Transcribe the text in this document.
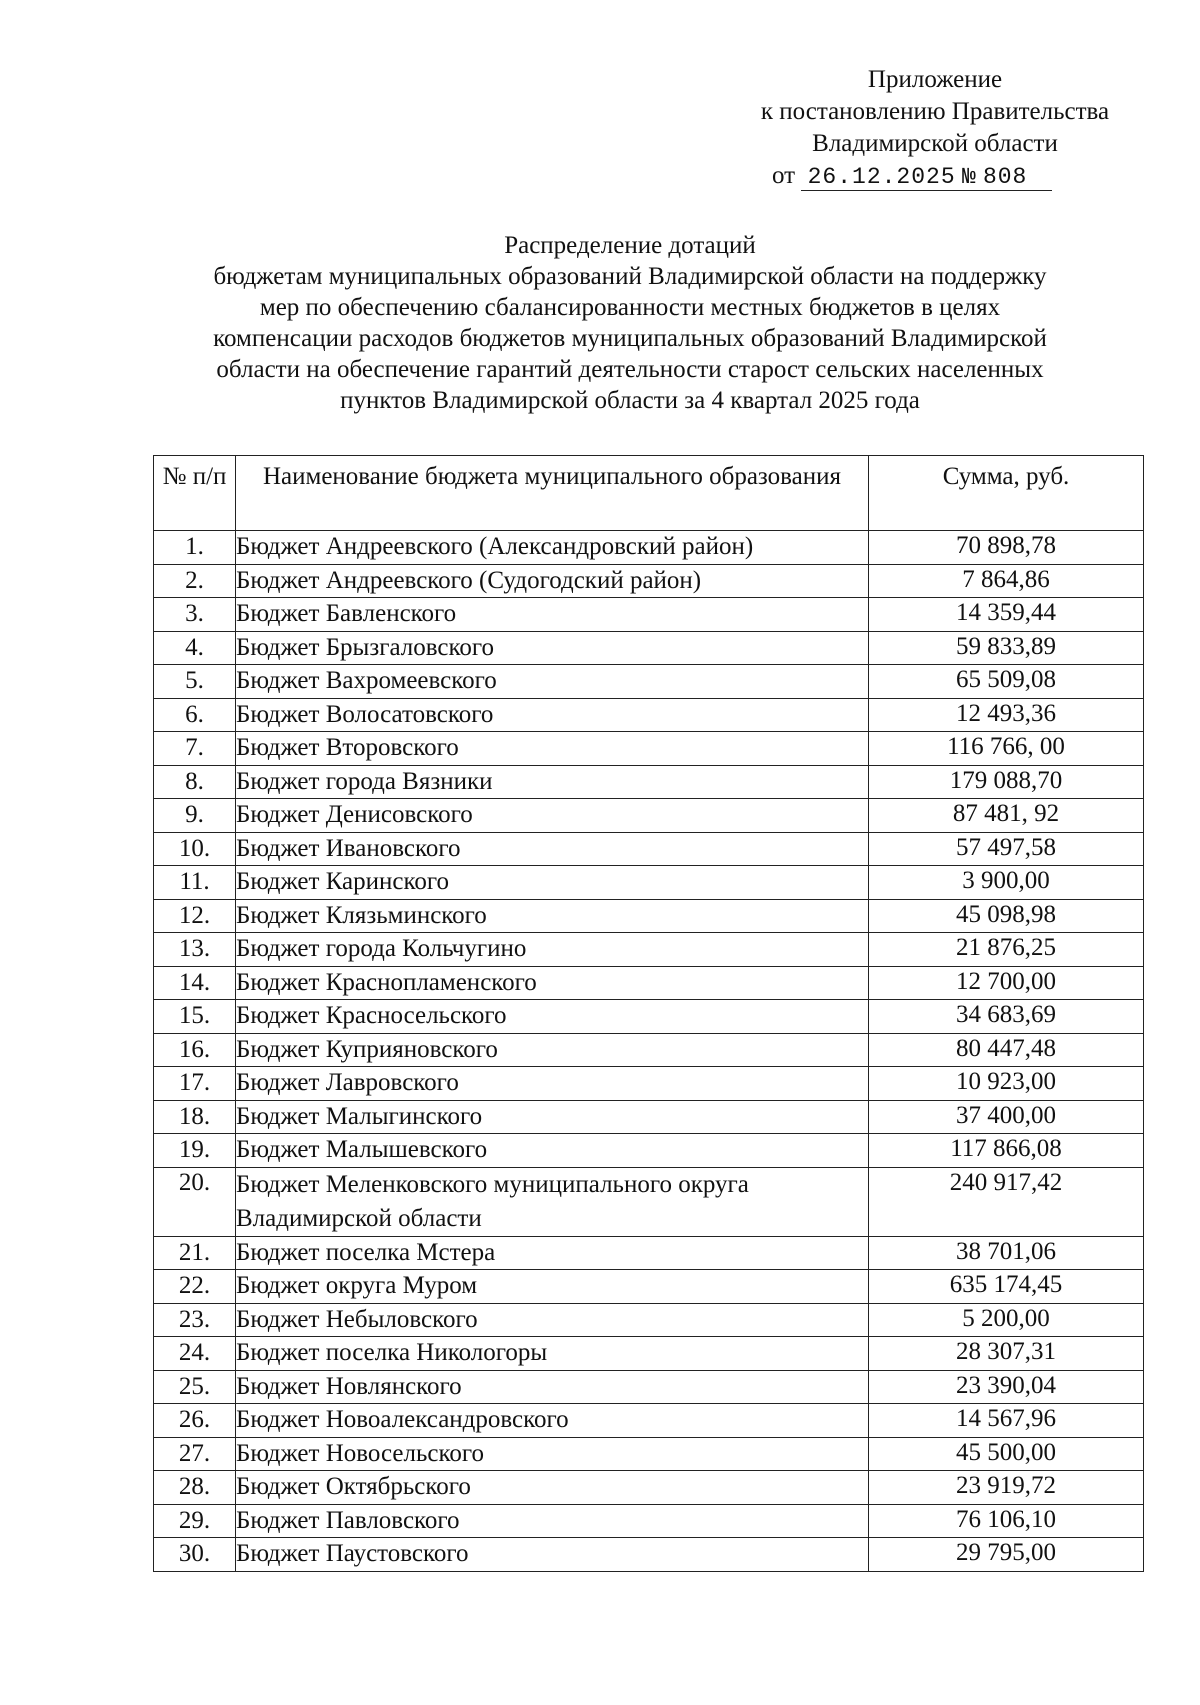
Приложение
к постановлению Правительства
Владимирской области
от 26.12.2025 № 808
Распределение дотаций
бюджетам муниципальных образований Владимирской области на поддержку
мер по обеспечению сбалансированности местных бюджетов в целях
компенсации расходов бюджетов муниципальных образований Владимирской
области на обеспечение гарантий деятельности старост сельских населенных
пунктов Владимирской области за 4 квартал 2025 года
№ п/п	Наименование бюджета муниципального образования	Сумма, руб.
1.	Бюджет Андреевского (Александровский район)	70 898,78
2.	Бюджет Андреевского (Судогодский район)	7 864,86
3.	Бюджет Бавленского	14 359,44
4.	Бюджет Брызгаловского	59 833,89
5.	Бюджет Вахромеевского	65 509,08
6.	Бюджет Волосатовского	12 493,36
7.	Бюджет Второвского	116 766, 00
8.	Бюджет города Вязники	179 088,70
9.	Бюджет Денисовского	87 481, 92
10.	Бюджет Ивановского	57 497,58
11.	Бюджет Каринского	3 900,00
12.	Бюджет Клязьминского	45 098,98
13.	Бюджет города Кольчугино	21 876,25
14.	Бюджет Краснопламенского	12 700,00
15.	Бюджет Красносельского	34 683,69
16.	Бюджет Куприяновского	80 447,48
17.	Бюджет Лавровского	10 923,00
18.	Бюджет Малыгинского	37 400,00
19.	Бюджет Малышевского	117 866,08
20.	Бюджет Меленковского муниципального округа Владимирской области	240 917,42
21.	Бюджет поселка Мстера	38 701,06
22.	Бюджет округа Муром	635 174,45
23.	Бюджет Небыловского	5 200,00
24.	Бюджет поселка Никологоры	28 307,31
25.	Бюджет Новлянского	23 390,04
26.	Бюджет Новоалександровского	14 567,96
27.	Бюджет Новосельского	45 500,00
28.	Бюджет Октябрьского	23 919,72
29.	Бюджет Павловского	76 106,10
30.	Бюджет Паустовского	29 795,00
